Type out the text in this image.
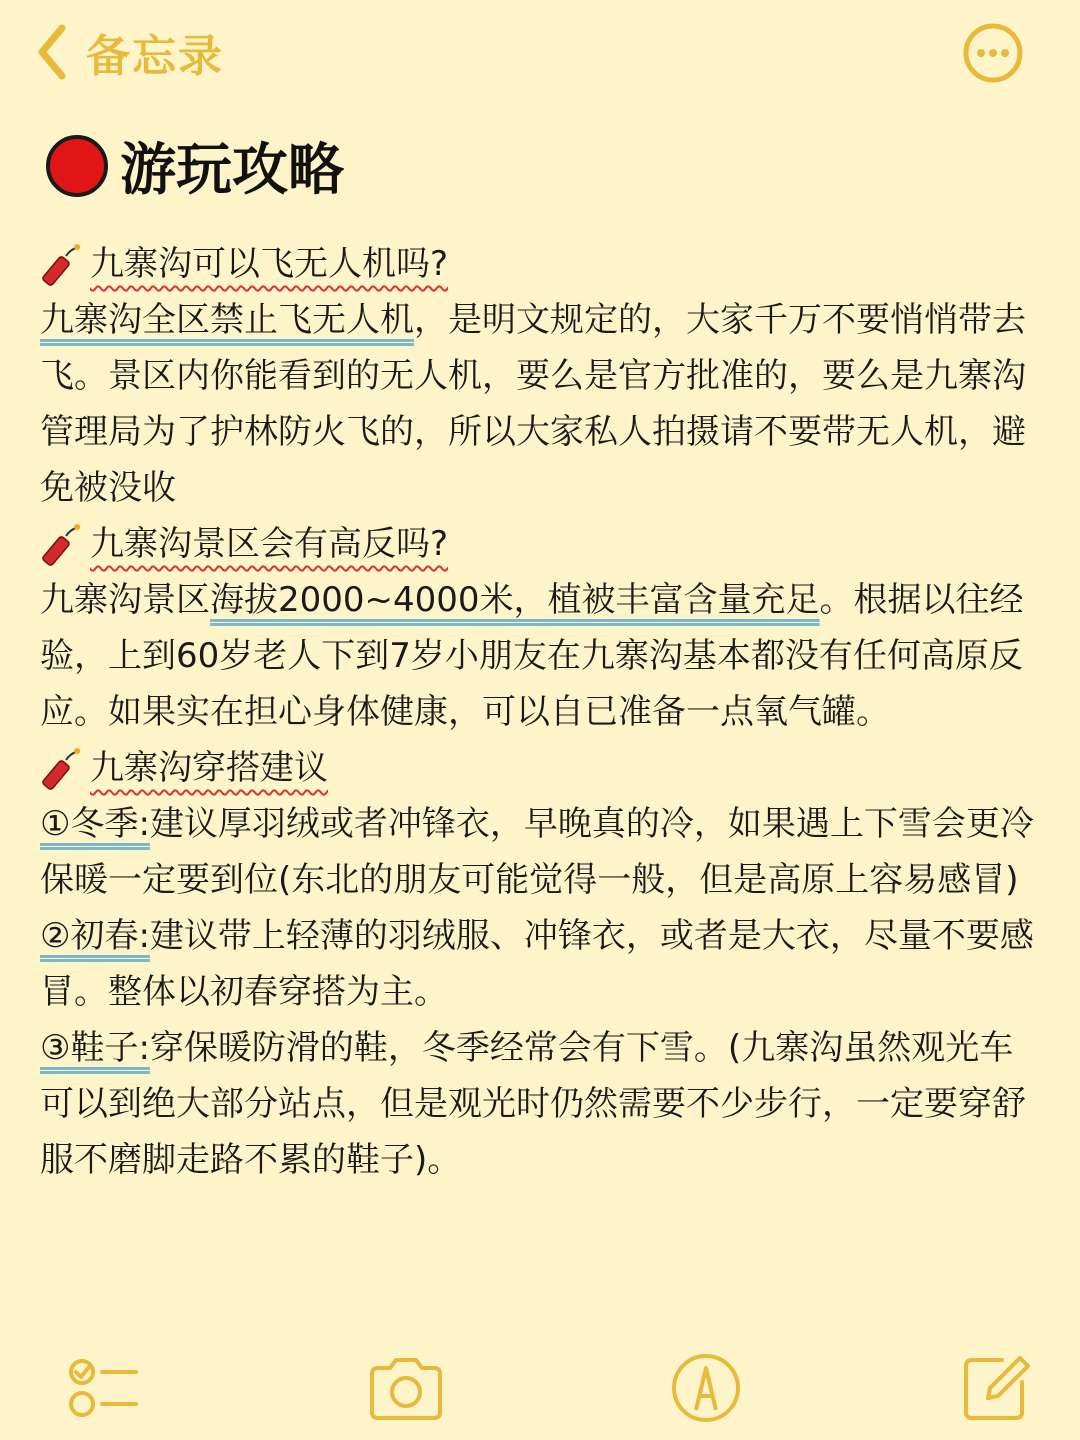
备忘录
游玩攻略
九寨沟可以飞无人机吗?

九寨沟全区禁止飞无人机，是明文规定的，大家千万不要悄悄带去飞。景区内你能看到的无人机，要么是官方批准的，要么是九寨沟管理局为了护林防火飞的，所以大家私人拍摄请不要带无人机，避免被没收

九寨沟景区会有高反吗?

九寨沟景区海拔2000~4000米，植被丰富含量充足。根据以往经验，上到60岁老人下到7岁小朋友在九寨沟基本都没有任何高原反应。如果实在担心身体健康，可以自已准备一点氧气罐。

九寨沟穿搭建议

①冬季:建议厚羽绒或者冲锋衣，早晚真的冷，如果遇上下雪会更冷保暖一定要到位(东北的朋友可能觉得一般，但是高原上容易感冒)

②初春:建议带上轻薄的羽绒服、冲锋衣，或者是大衣，尽量不要感冒。整体以初春穿搭为主。

③鞋子:穿保暖防滑的鞋，冬季经常会有下雪。(九寨沟虽然观光车可以到绝大部分站点，但是观光时仍然需要不少步行，一定要穿舒服不磨脚走路不累的鞋子)。
